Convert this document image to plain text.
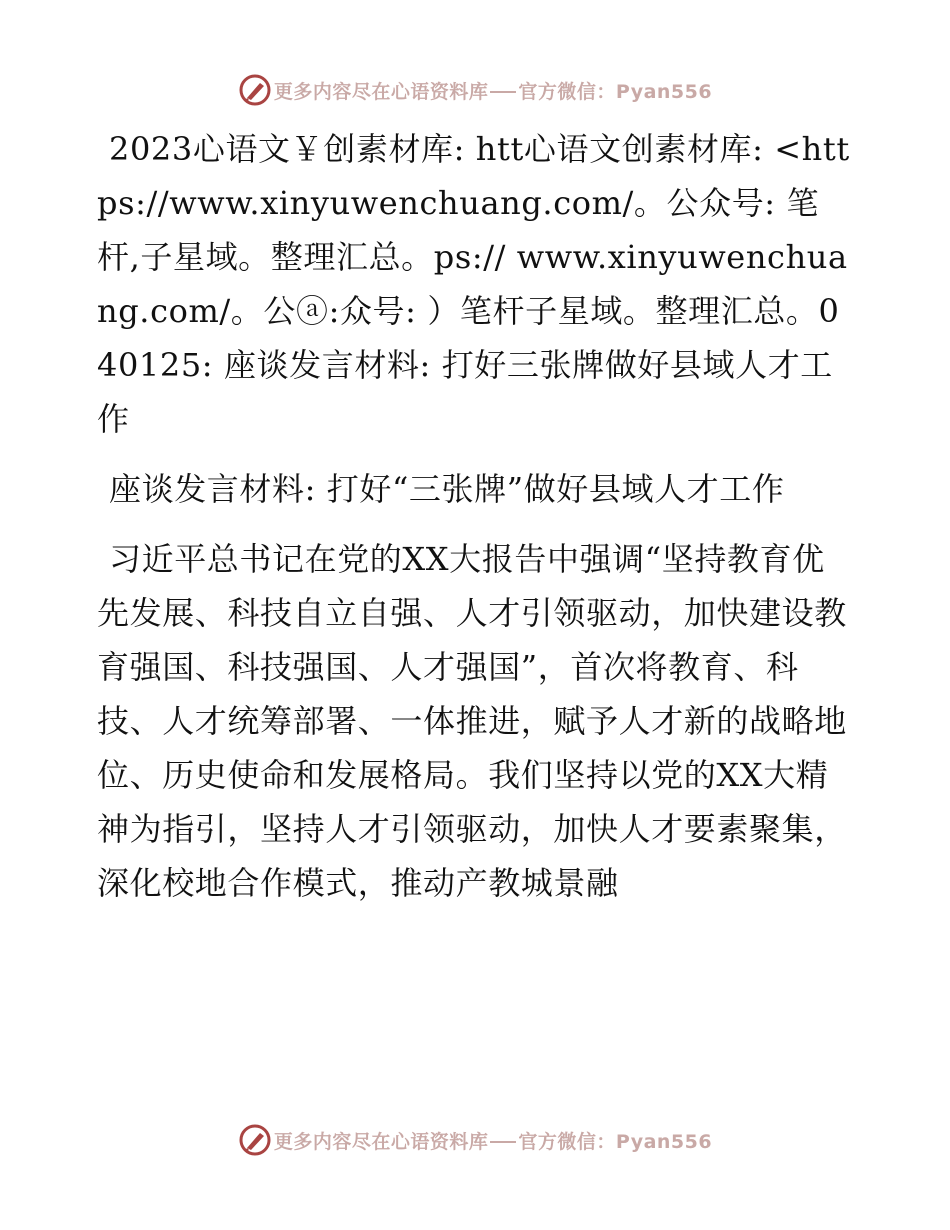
更多内容尽在心语资料库 官方微信：Pyan556

2023心语文￥创素材库: htt心语文创素材库: <https://www.xinyuwenchuang.com/。公众号: 笔杆,子星域。整理汇总。ps:// www.xinyuwenchuang.com/。公ⓐ:众号: ）笔杆子星域。整理汇总。040125: 座谈发言材料: 打好三张牌做好县域人才工作

座谈发言材料: 打好“三张牌”做好县域人才工作

习近平总书记在党的XX大报告中强调“坚持教育优先发展、科技自立自强、人才引领驱动，加快建设教育强国、科技强国、人才强国”，首次将教育、科技、人才统筹部署、一体推进，赋予人才新的战略地位、历史使命和发展格局。我们坚持以党的XX大精神为指引，坚持人才引领驱动，加快人才要素聚集，深化校地合作模式，推动产教城景融

更多内容尽在心语资料库 官方微信：Pyan556
